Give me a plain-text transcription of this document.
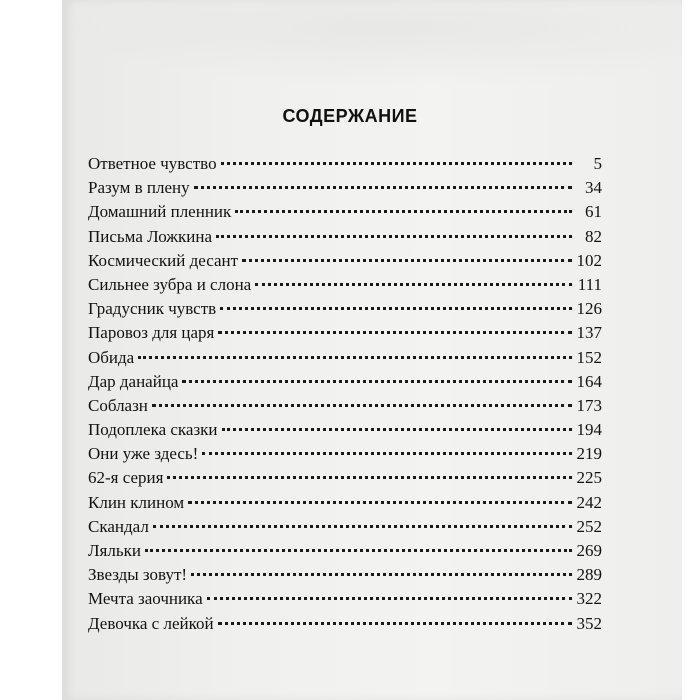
СОДЕРЖАНИЕ
Ответное чувство	5
Разум в плену	34
Домашний пленник	61
Письма Ложкина	82
Космический десант	102
Сильнее зубра и слона	111
Градусник чувств	126
Паровоз для царя	137
Обида	152
Дар данайца	164
Соблазн	173
Подоплека сказки	194
Они уже здесь!	219
62-я серия	225
Клин клином	242
Скандал	252
Ляльки	269
Звезды зовут!	289
Мечта заочника	322
Девочка с лейкой	352
